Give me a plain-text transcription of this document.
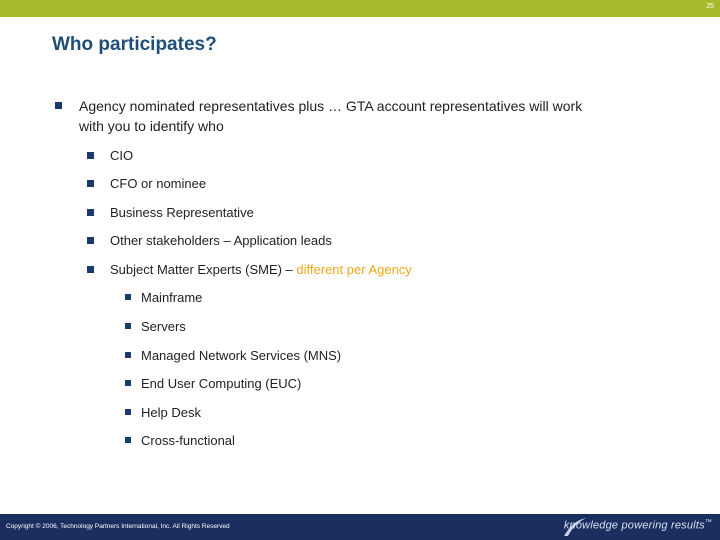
25
Who participates?
Agency nominated representatives plus … GTA account representatives will work
with you to identify who
CIO
CFO or nominee
Business Representative
Other stakeholders – Application leads
Subject Matter Experts (SME) – different per Agency
Mainframe
Servers
Managed Network Services (MNS)
End User Computing (EUC)
Help Desk
Cross-functional
Copyright © 2006, Technology Partners International, Inc. All Rights Reserved	knowledge powering results™
